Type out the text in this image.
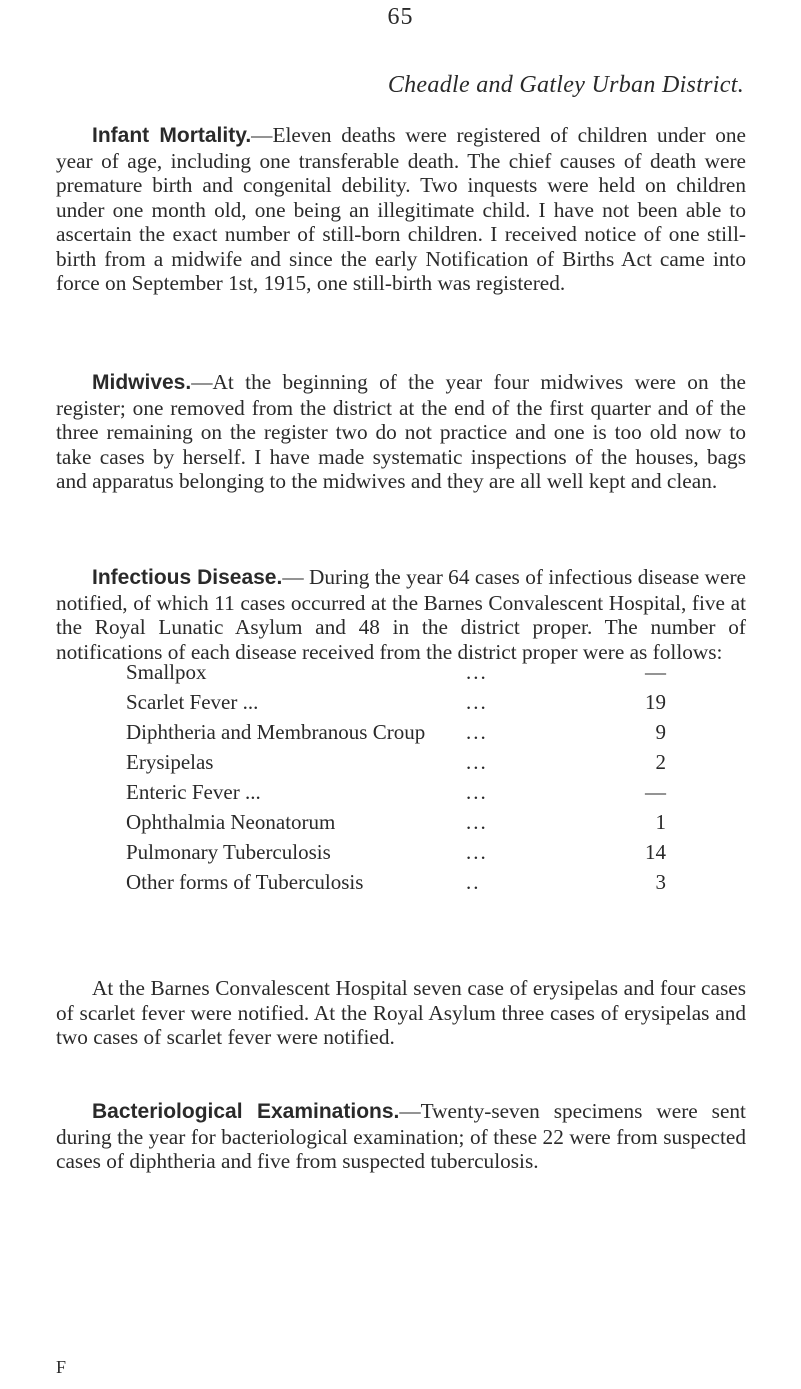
65
Cheadle and Gatley Urban District.

Infant Mortality.—Eleven deaths were registered of children under one year of age, including one transferable death. The chief causes of death were premature birth and congenital debility. Two inquests were held on children under one month old, one being an illegitimate child. I have not been able to ascertain the exact number of still-born children. I received notice of one still-birth from a midwife and since the early Notification of Births Act came into force on September 1st, 1915, one still-birth was registered.

Midwives.—At the beginning of the year four midwives were on the register; one removed from the district at the end of the first quarter and of the three remaining on the register two do not practice and one is too old now to take cases by herself. I have made systematic inspections of the houses, bags and apparatus belonging to the midwives and they are all well kept and clean.

Infectious Disease.— During the year 64 cases of infectious disease were notified, of which 11 cases occurred at the Barnes Convalescent Hospital, five at the Royal Lunatic Asylum and 48 in the district proper. The number of notifications of each disease received from the district proper were as follows:

Smallpox	...	—
Scarlet Fever ...	...	19
Diphtheria and Membranous Croup ...	9
Erysipelas	...	2
Enteric Fever ...	...	—
Ophthalmia Neonatorum	...	1
Pulmonary Tuberculosis	...	14
Other forms of Tuberculosis	..	3

At the Barnes Convalescent Hospital seven case of erysipelas and four cases of scarlet fever were notified. At the Royal Asylum three cases of erysipelas and two cases of scarlet fever were notified.

Bacteriological Examinations.—Twenty-seven specimens were sent during the year for bacteriological examination; of these 22 were from suspected cases of diphtheria and five from suspected tuberculosis.

F
